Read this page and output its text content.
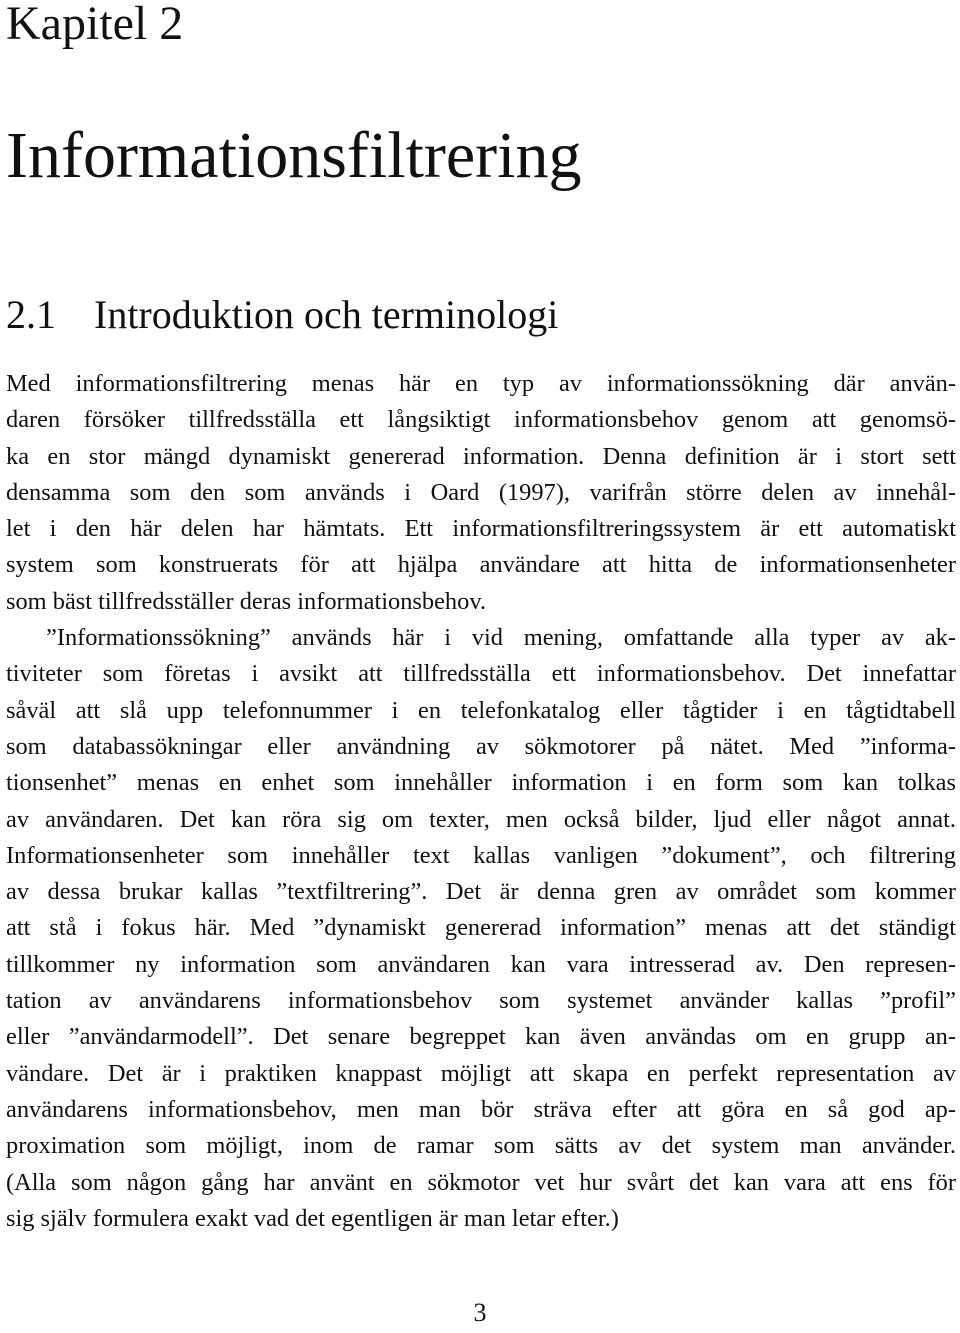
Kapitel 2
Informationsfiltrering
2.1 Introduktion och terminologi

Med informationsfiltrering menas här en typ av informationssökning där använ-
daren försöker tillfredsställa ett långsiktigt informationsbehov genom att genomsö-
ka en stor mängd dynamiskt genererad information. Denna definition är i stort sett
densamma som den som används i Oard (1997), varifrån större delen av innehål-
let i den här delen har hämtats. Ett informationsfiltreringssystem är ett automatiskt
system som konstruerats för att hjälpa användare att hitta de informationsenheter
som bäst tillfredsställer deras informationsbehov.

”Informationssökning” används här i vid mening, omfattande alla typer av ak-
tiviteter som företas i avsikt att tillfredsställa ett informationsbehov. Det innefattar
såväl att slå upp telefonnummer i en telefonkatalog eller tågtider i en tågtidtabell
som databassökningar eller användning av sökmotorer på nätet. Med ”informa-
tionsenhet” menas en enhet som innehåller information i en form som kan tolkas
av användaren. Det kan röra sig om texter, men också bilder, ljud eller något annat.
Informationsenheter som innehåller text kallas vanligen ”dokument”, och filtrering
av dessa brukar kallas ”textfiltrering”. Det är denna gren av området som kommer
att stå i fokus här. Med ”dynamiskt genererad information” menas att det ständigt
tillkommer ny information som användaren kan vara intresserad av. Den represen-
tation av användarens informationsbehov som systemet använder kallas ”profil”
eller ”användarmodell”. Det senare begreppet kan även användas om en grupp an-
vändare. Det är i praktiken knappast möjligt att skapa en perfekt representation av
användarens informationsbehov, men man bör sträva efter att göra en så god ap-
proximation som möjligt, inom de ramar som sätts av det system man använder.
(Alla som någon gång har använt en sökmotor vet hur svårt det kan vara att ens för
sig själv formulera exakt vad det egentligen är man letar efter.)

3
